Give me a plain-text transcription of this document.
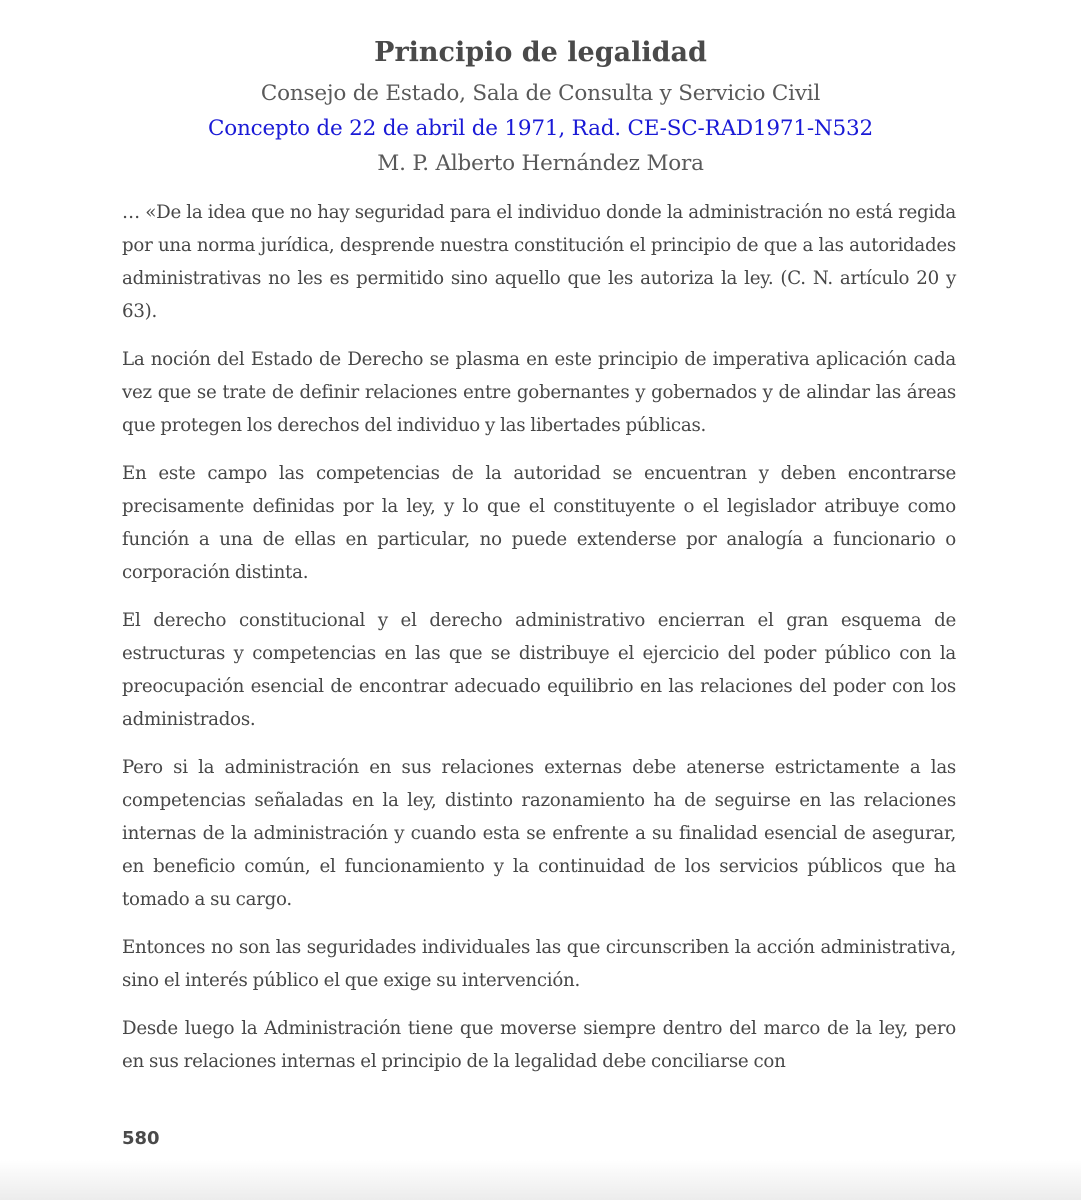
Principio de legalidad

Consejo de Estado, Sala de Consulta y Servicio Civil

Concepto de 22 de abril de 1971, Rad. CE-SC-RAD1971-N532

M. P. Alberto Hernández Mora

… «De la idea que no hay seguridad para el individuo donde la administración no está regida por una norma jurídica, desprende nuestra constitución el principio de que a las autoridades administrativas no les es permitido sino aquello que les autoriza la ley. (C. N. artículo 20 y 63).

La noción del Estado de Derecho se plasma en este principio de imperativa aplicación cada vez que se trate de definir relaciones entre gobernantes y gobernados y de alindar las áreas que protegen los derechos del individuo y las libertades públicas.

En este campo las competencias de la autoridad se encuentran y deben encontrarse precisamente definidas por la ley, y lo que el constituyente o el legislador atribuye como función a una de ellas en particular, no puede extenderse por analogía a funcionario o corporación distinta.

El derecho constitucional y el derecho administrativo encierran el gran esquema de estructuras y competencias en las que se distribuye el ejercicio del poder público con la preocupación esencial de encontrar adecuado equilibrio en las relaciones del poder con los administrados.

Pero si la administración en sus relaciones externas debe atenerse estrictamente a las competencias señaladas en la ley, distinto razonamiento ha de seguirse en las relaciones internas de la administración y cuando esta se enfrente a su finalidad esencial de asegurar, en beneficio común, el funcionamiento y la continuidad de los servicios públicos que ha tomado a su cargo.

Entonces no son las seguridades individuales las que circunscriben la acción administrativa, sino el interés público el que exige su intervención.

Desde luego la Administración tiene que moverse siempre dentro del marco de la ley, pero en sus relaciones internas el principio de la legalidad debe conciliarse con

580
